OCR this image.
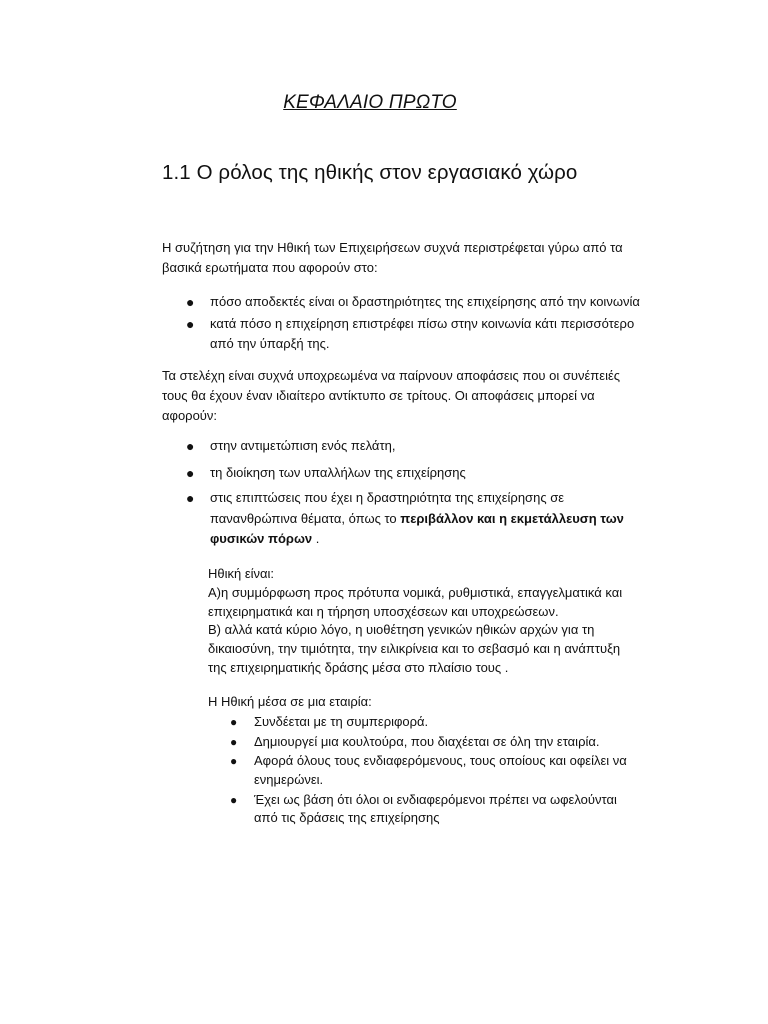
ΚΕΦΑΛΑΙΟ ΠΡΩΤΟ
1.1 Ο ρόλος της ηθικής στον εργασιακό χώρο
Η συζήτηση για την Ηθική των Επιχειρήσεων συχνά περιστρέφεται γύρω από τα
βασικά ερωτήματα που αφορούν στο:
● πόσο αποδεκτές είναι οι δραστηριότητες της επιχείρησης από την κοινωνία
● κατά πόσο η επιχείρηση επιστρέφει πίσω στην κοινωνία κάτι περισσότερο
από την ύπαρξή της.
Τα στελέχη είναι συχνά υποχρεωμένα να παίρνουν αποφάσεις που οι συνέπειές
τους θα έχουν έναν ιδιαίτερο αντίκτυπο σε τρίτους. Οι αποφάσεις μπορεί να
αφορούν:
● στην αντιμετώπιση ενός πελάτη,
● τη διοίκηση των υπαλλήλων της επιχείρησης
● στις επιπτώσεις που έχει η δραστηριότητα της επιχείρησης σε
πανανθρώπινα θέματα, όπως το περιβάλλον και η εκμετάλλευση των
φυσικών πόρων .

Ηθική είναι:

Α)η συμμόρφωση προς πρότυπα νομικά, ρυθμιστικά, επαγγελματικά και

επιχειρηματικά και η τήρηση υποσχέσεων και υποχρεώσεων.

Β) αλλά κατά κύριο λόγο, η υιοθέτηση γενικών ηθικών αρχών για τη

δικαιοσύνη, την τιμιότητα, την ειλικρίνεια και το σεβασμό και η ανάπτυξη

της επιχειρηματικής δράσης μέσα στο πλαίσιο τους .

Η Ηθική μέσα σε μια εταιρία:
● Συνδέεται με τη συμπεριφορά.
● Δημιουργεί μια κουλτούρα, που διαχέεται σε όλη την εταιρία.
● Αφορά όλους τους ενδιαφερόμενους, τους οποίους και οφείλει να
ενημερώνει.
● Έχει ως βάση ότι όλοι οι ενδιαφερόμενοι πρέπει να ωφελούνται
από τις δράσεις της επιχείρησης
